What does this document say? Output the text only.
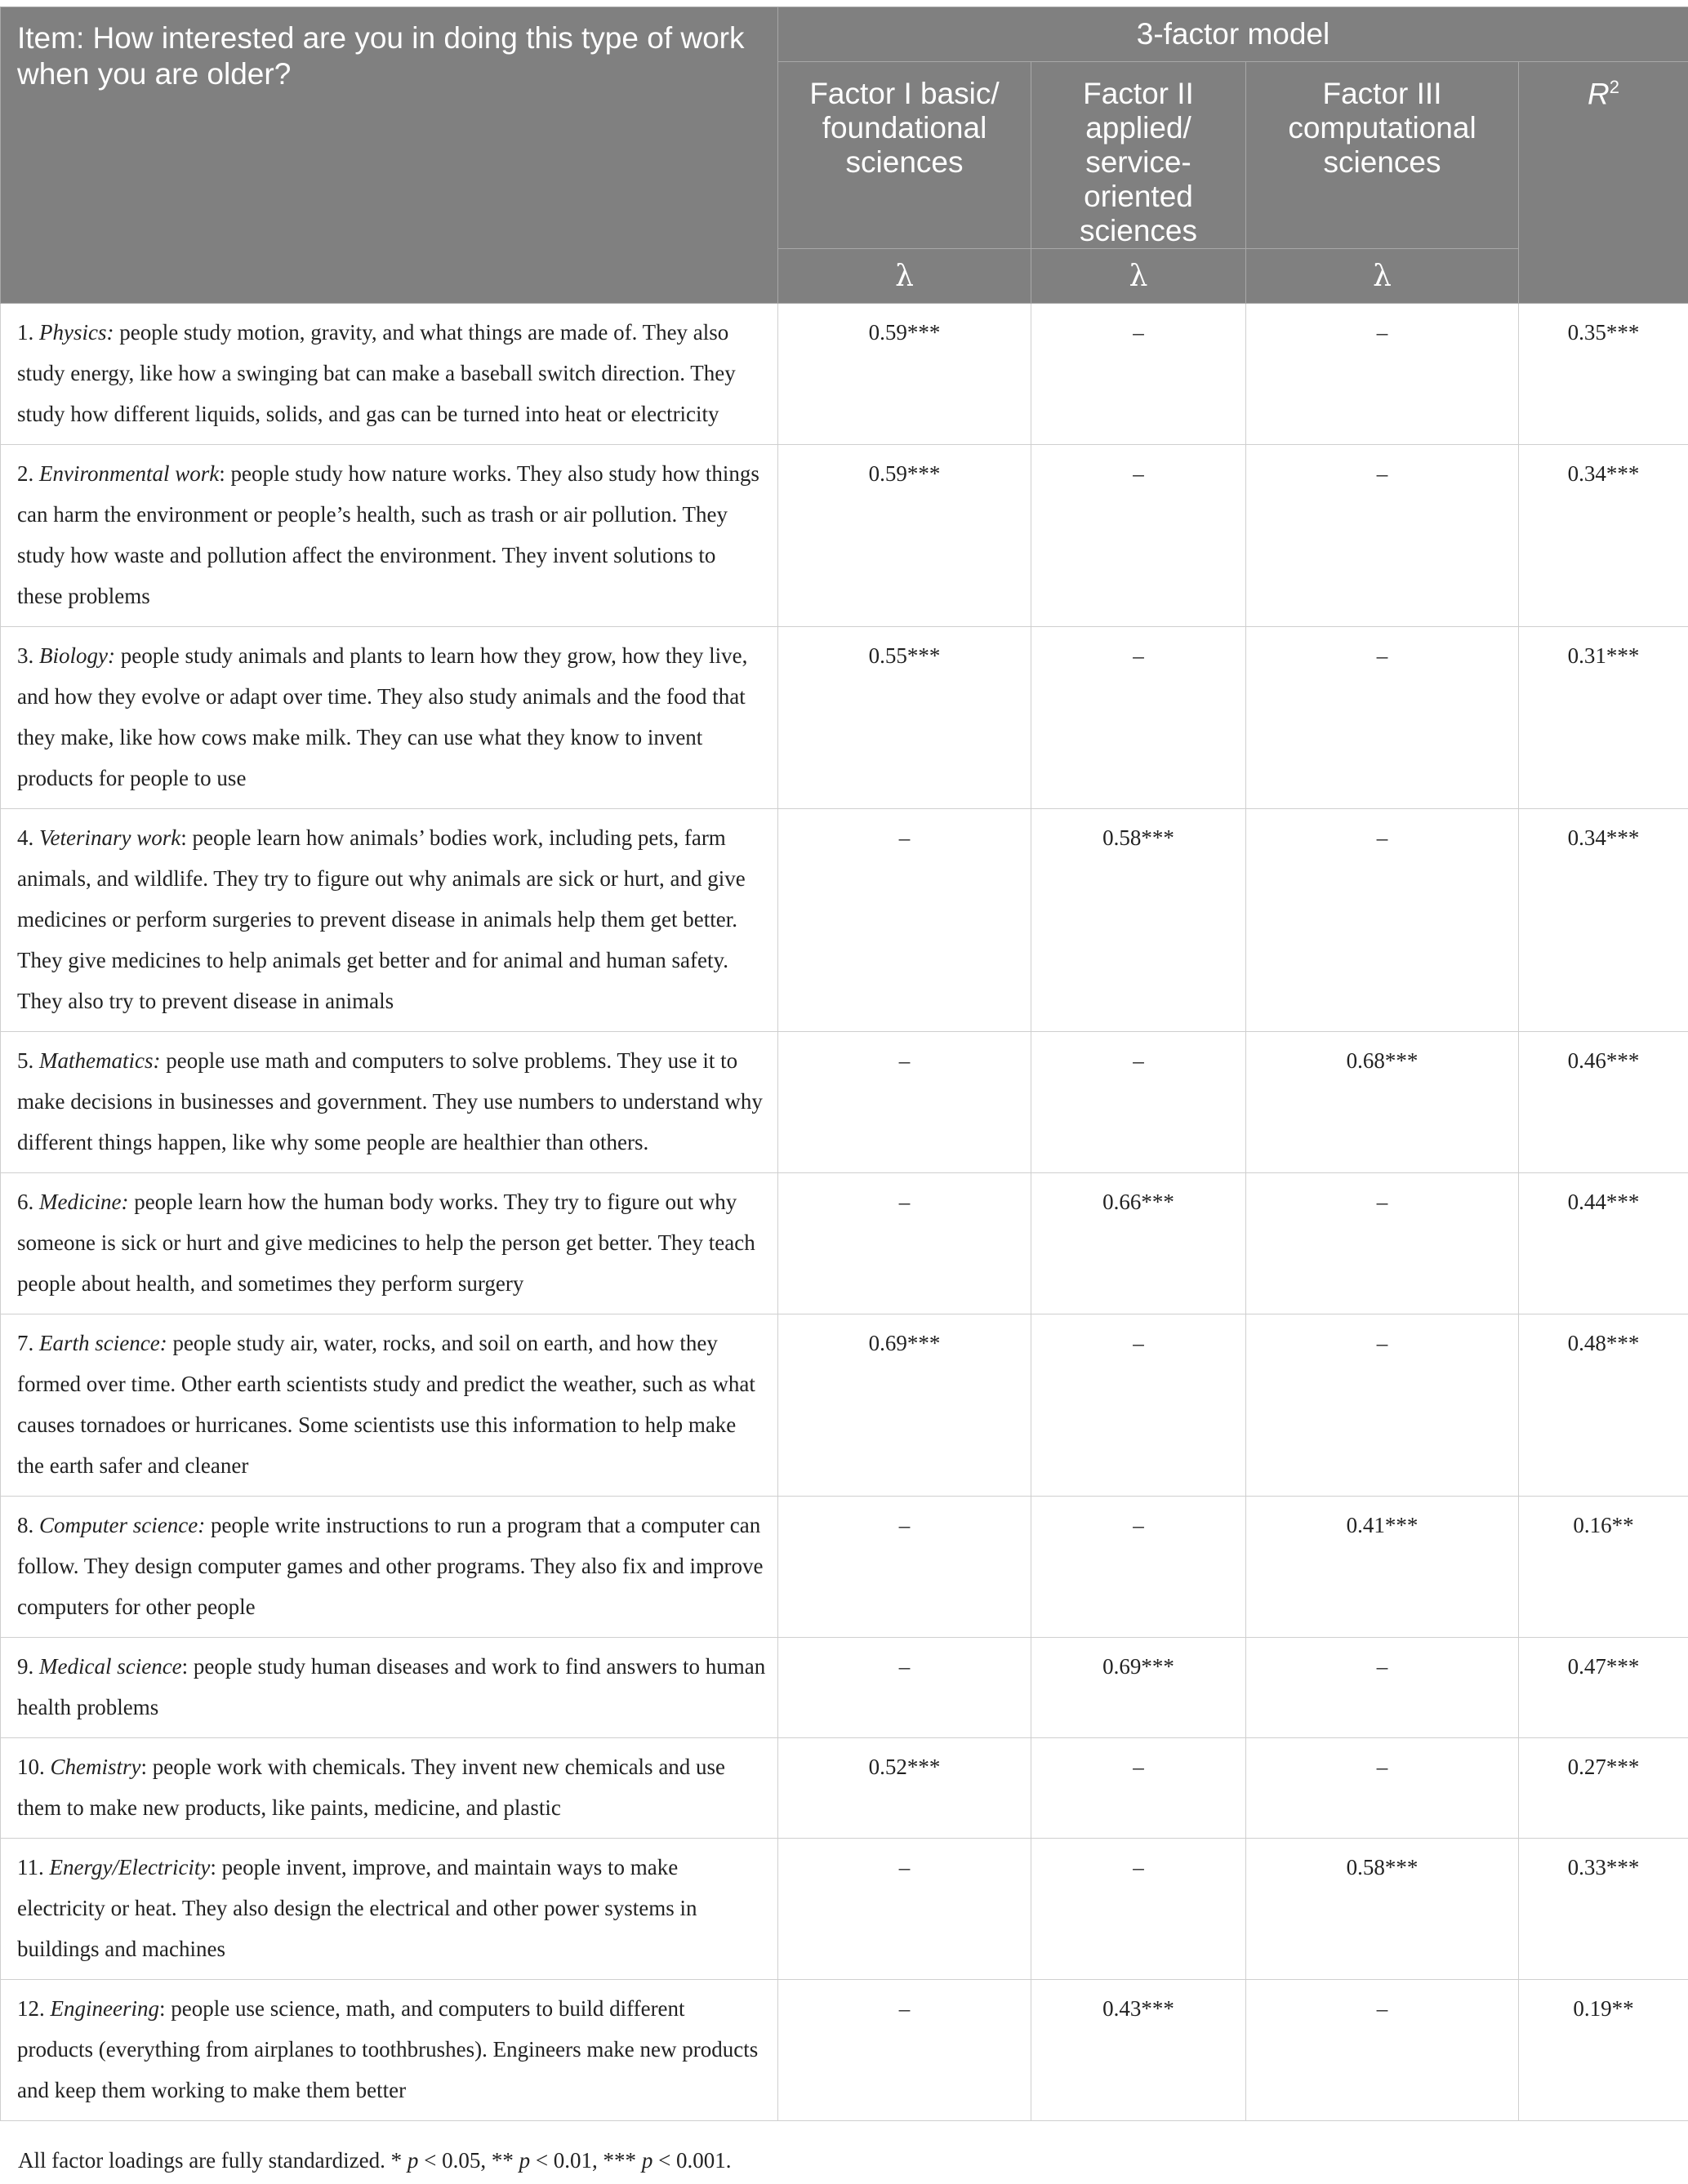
Item: How interested are you in doing this type of work when you are older?	3-factor model			
	Factor I basic/ foundational sciences	Factor II applied/ service-oriented sciences	Factor III computational sciences	$R^2$
	λ	λ	λ	
1. Physics: people study motion, gravity, and what things are made of. They also study energy, like how a swinging bat can make a baseball switch direction. They study how different liquids, solids, and gas can be turned into heat or electricity	0.59***	–	–	0.35***
2. Environmental work: people study how nature works. They also study how things can harm the environment or people’s health, such as trash or air pollution. They study how waste and pollution affect the environment. They invent solutions to these problems	0.59***	–	–	0.34***
3. Biology: people study animals and plants to learn how they grow, how they live, and how they evolve or adapt over time. They also study animals and the food that they make, like how cows make milk. They can use what they know to invent products for people to use	0.55***	–	–	0.31***
4. Veterinary work: people learn how animals’ bodies work, including pets, farm animals, and wildlife. They try to figure out why animals are sick or hurt, and give medicines or perform surgeries to prevent disease in animals help them get better. They give medicines to help animals get better and for animal and human safety. They also try to prevent disease in animals	–	0.58***	–	0.34***
5. Mathematics: people use math and computers to solve problems. They use it to make decisions in businesses and government. They use numbers to understand why different things happen, like why some people are healthier than others.	–	–	0.68***	0.46***
6. Medicine: people learn how the human body works. They try to figure out why someone is sick or hurt and give medicines to help the person get better. They teach people about health, and sometimes they perform surgery	–	0.66***	–	0.44***
7. Earth science: people study air, water, rocks, and soil on earth, and how they formed over time. Other earth scientists study and predict the weather, such as what causes tornadoes or hurricanes. Some scientists use this information to help make the earth safer and cleaner	0.69***	–	–	0.48***
8. Computer science: people write instructions to run a program that a computer can follow. They design computer games and other programs. They also fix and improve computers for other people	–	–	0.41***	0.16**
9. Medical science: people study human diseases and work to find answers to human health problems	–	0.69***	–	0.47***
10. Chemistry: people work with chemicals. They invent new chemicals and use them to make new products, like paints, medicine, and plastic	0.52***	–	–	0.27***
11. Energy/Electricity: people invent, improve, and maintain ways to make electricity or heat. They also design the electrical and other power systems in buildings and machines	–	–	0.58***	0.33***
12. Engineering: people use science, math, and computers to build different products (everything from airplanes to toothbrushes). Engineers make new products and keep them working to make them better	–	0.43***	–	0.19**
All factor loadings are fully standardized. * p < 0.05, ** p < 0.01, *** p < 0.001.
